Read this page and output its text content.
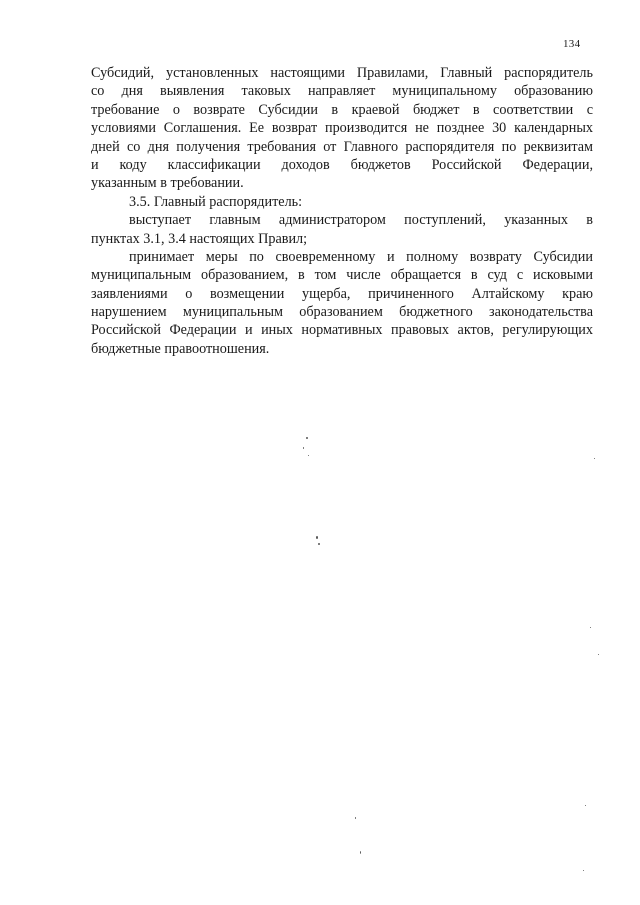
134
Субсидий, установленных настоящими Правилами, Главный распорядитель
со дня выявления таковых направляет муниципальному образованию
требование о возврате Субсидии в краевой бюджет в соответствии с
условиями Соглашения. Ее возврат производится не позднее 30 календарных
дней со дня получения требования от Главного распорядителя по реквизитам
и коду классификации доходов бюджетов Российской Федерации,
указанным в требовании.
3.5. Главный распорядитель:
выступает главным администратором поступлений, указанных в
пунктах 3.1, 3.4 настоящих Правил;
принимает меры по своевременному и полному возврату Субсидии
муниципальным образованием, в том числе обращается в суд с исковыми
заявлениями о возмещении ущерба, причиненного Алтайскому краю
нарушением муниципальным образованием бюджетного законодательства
Российской Федерации и иных нормативных правовых актов, регулирующих
бюджетные правоотношения.
